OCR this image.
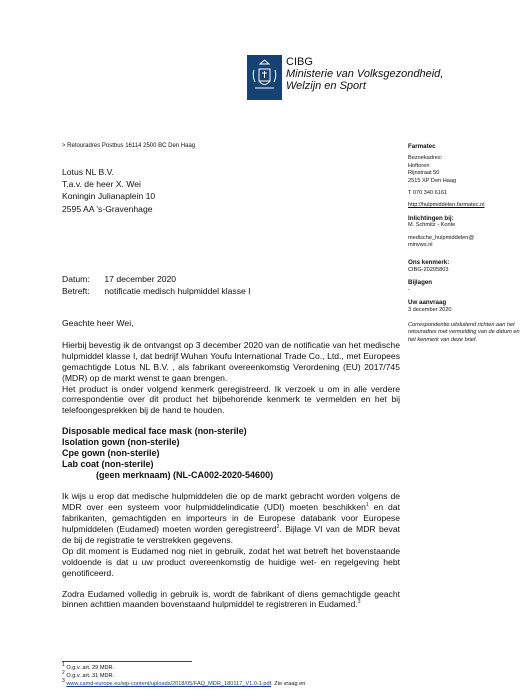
CIBG
Ministerie van Volksgezondheid,
Welzijn en Sport
> Retouradres Postbus 16114 2500 BC Den Haag
Lotus NL B.V.
T.a.v. de heer X. Wei
Koningin Julianaplein 10
2595 AA 's-Gravenhage
Farmatec
Bezoekadres:
Hoftoren
Rijnstraat 50
2515 XP Den Haag
T 070 340 6161
http://hulpmiddelen.farmatec.nl
Inlichtingen bij:
M. Schmitz - Konte
medische_hulpmiddelen@
minvws.nl
Ons kenmerk:
CIBG-20205803
Bijlagen
-
Uw aanvraag
3 december 2020
Correspondentie uitsluitend richten aan het retouradres met vermelding van de datum en het kenmerk van deze brief.
Datum: 17 december 2020
Betreft: notificatie medisch hulpmiddel klasse I

Geachte heer Wei,

Hierbij bevestig ik de ontvangst op 3 december 2020 van de notificatie van het medische hulpmiddel klasse I, dat bedrijf Wuhan Youfu International Trade Co., Ltd., met Europees gemachtigde Lotus NL B.V. , als fabrikant overeenkomstig Verordening (EU) 2017/745 (MDR) op de markt wenst te gaan brengen.

Het product is onder volgend kenmerk geregistreerd. Ik verzoek u om in alle verdere correspondentie over dit product het bijbehorende kenmerk te vermelden en het bij telefoongesprekken bij de hand te houden.

Disposable medical face mask (non-sterile)
Isolation gown (non-sterile)
Cpe gown (non-sterile)
Lab coat (non-sterile)
(geen merknaam) (NL-CA002-2020-54600)

Ik wijs u erop dat medische hulpmiddelen die op de markt gebracht worden volgens de MDR over een systeem voor hulpmiddelindicatie (UDI) moeten beschikken$^1$ en dat fabrikanten, gemachtigden en importeurs in de Europese databank voor Europese hulpmiddelen (Eudamed) moeten worden geregistreerd$^2$. Bijlage VI van de MDR bevat de bij de registratie te verstrekken gegevens.

Op dit moment is Eudamed nog niet in gebruik, zodat het wat betreft het bovenstaande voldoende is dat u uw product overeenkomstig de huidige wet- en regelgeving hebt genotificeerd.

Zodra Eudamed volledig in gebruik is, wordt de fabrikant of diens gemachtigde geacht binnen achttien maanden bovenstaand hulpmiddel te registreren in Eudamed.$^3$

$^1$ O.g.v. art. 29 MDR.
$^2$ O.g.v. art. 31 MDR.
$^3$ www.camd-europe.eu/wp-content/uploads/2018/05/FAQ_MDR_180117_V1.0-1.pdf. Zie vraag en
